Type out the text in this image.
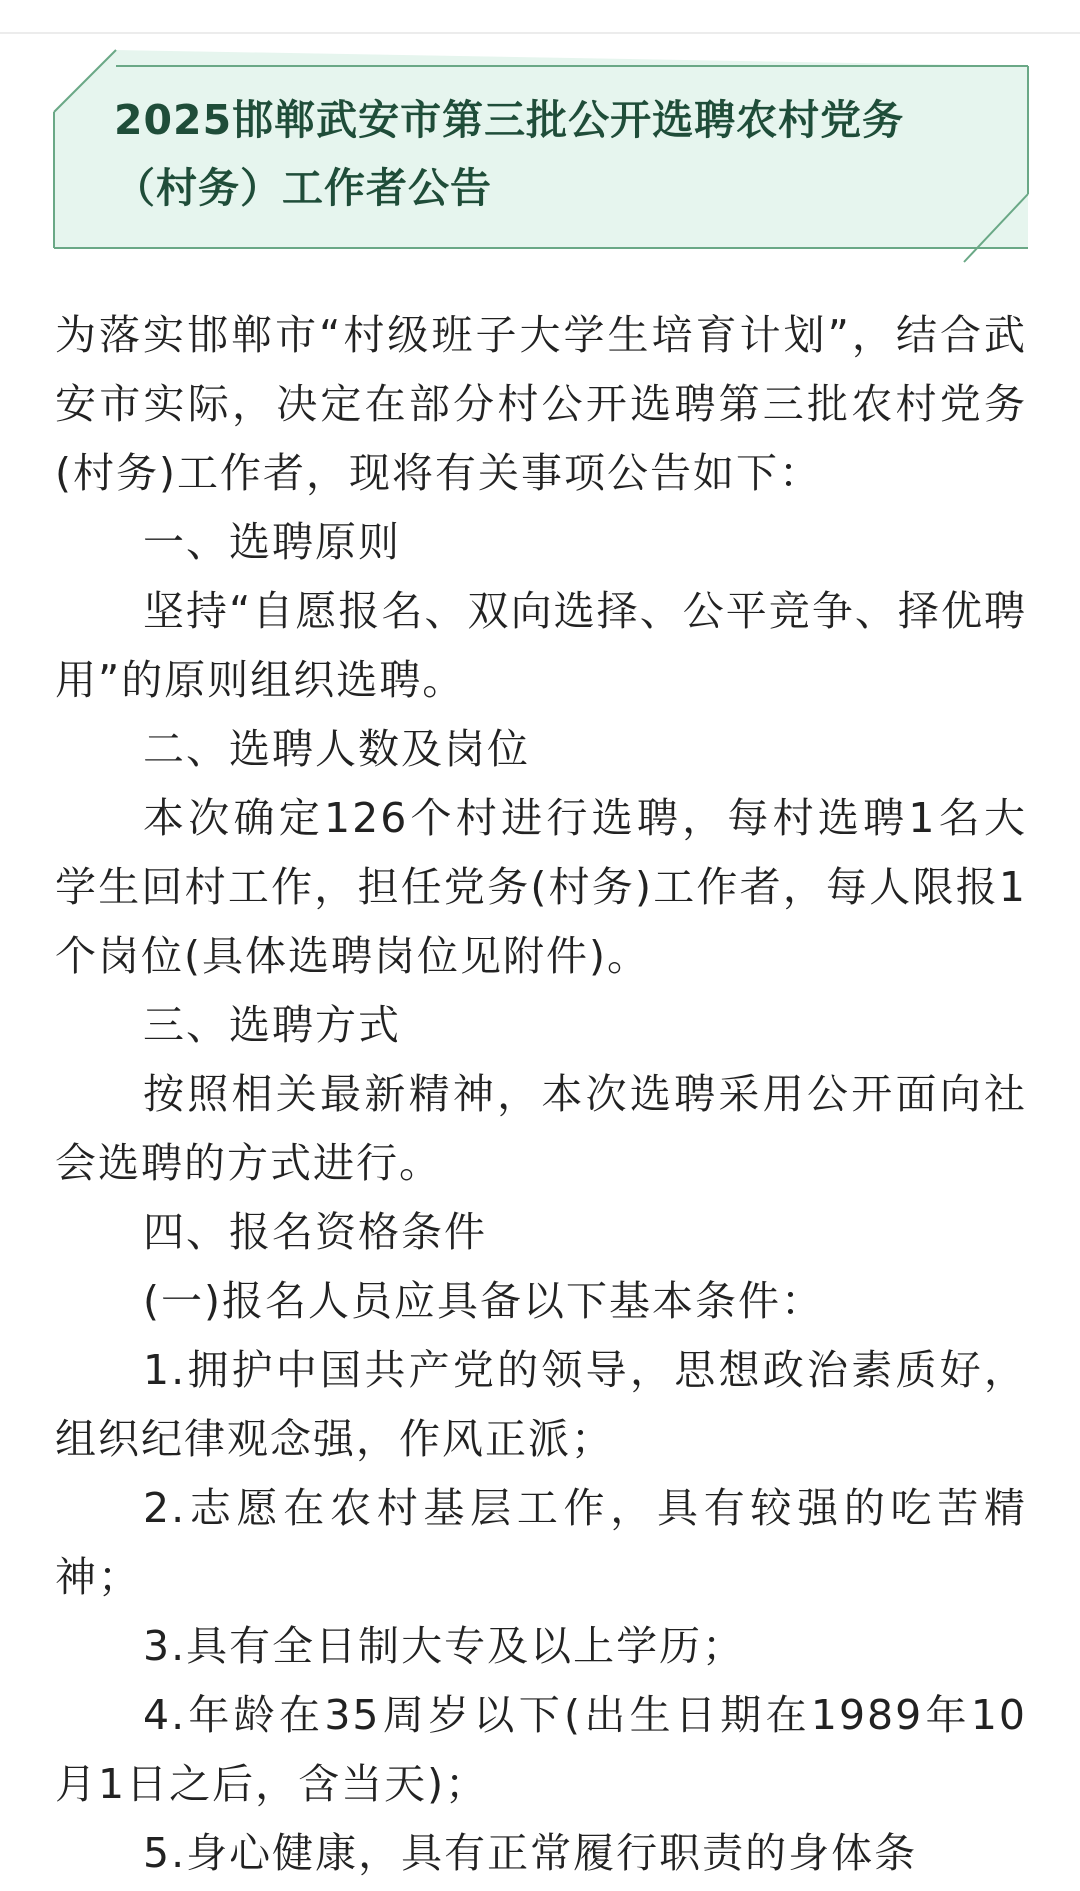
2025邯郸武安市第三批公开选聘农村党务
（村务）工作者公告

为落实邯郸市“村级班子大学生培育计划”，结合武安市实际，决定在部分村公开选聘第三批农村党务(村务)工作者，现将有关事项公告如下：

一、选聘原则

坚持“自愿报名、双向选择、公平竞争、择优聘用”的原则组织选聘。

二、选聘人数及岗位

本次确定126个村进行选聘，每村选聘1名大学生回村工作，担任党务(村务)工作者，每人限报1个岗位(具体选聘岗位见附件)。

三、选聘方式

按照相关最新精神，本次选聘采用公开面向社会选聘的方式进行。

四、报名资格条件

(一)报名人员应具备以下基本条件：

1.拥护中国共产党的领导，思想政治素质好，组织纪律观念强，作风正派；

2.志愿在农村基层工作，具有较强的吃苦精神；

3.具有全日制大专及以上学历；

4.年龄在35周岁以下(出生日期在1989年10月1日之后，含当天)；

5.身心健康，具有正常履行职责的身体条
